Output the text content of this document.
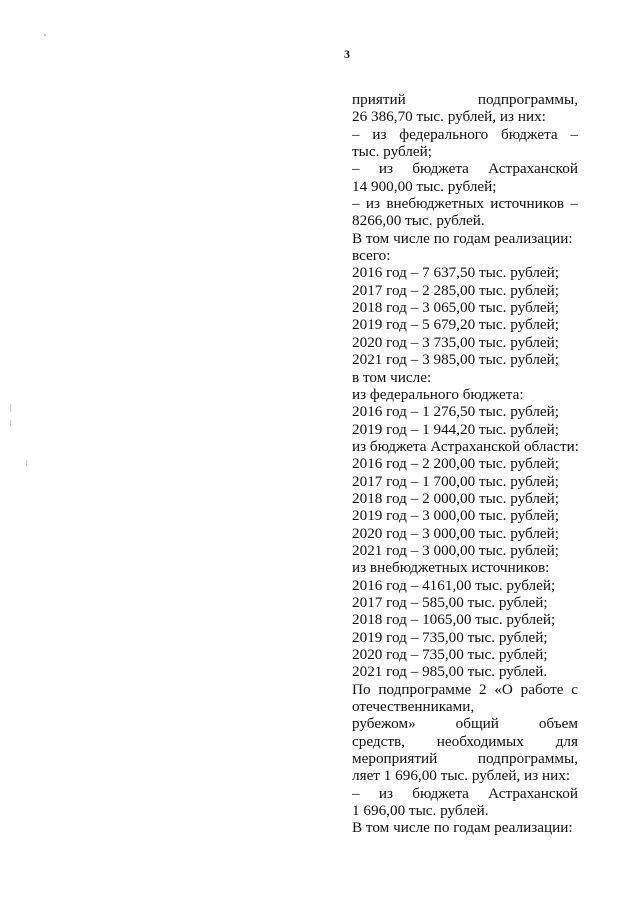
3
приятий подпрограммы,
26 386,70 тыс. рублей, из них:
– из федерального бюджета –
тыс. рублей;
– из бюджета Астраханской
14 900,00 тыс. рублей;
– из внебюджетных источников –
8266,00 тыс. рублей.
В том числе по годам реализации:
всего:
2016 год – 7 637,50 тыс. рублей;
2017 год – 2 285,00 тыс. рублей;
2018 год – 3 065,00 тыс. рублей;
2019 год – 5 679,20 тыс. рублей;
2020 год – 3 735,00 тыс. рублей;
2021 год – 3 985,00 тыс. рублей;
в том числе:
из федерального бюджета:
2016 год – 1 276,50 тыс. рублей;
2019 год – 1 944,20 тыс. рублей;
из бюджета Астраханской области:
2016 год – 2 200,00 тыс. рублей;
2017 год – 1 700,00 тыс. рублей;
2018 год – 2 000,00 тыс. рублей;
2019 год – 3 000,00 тыс. рублей;
2020 год – 3 000,00 тыс. рублей;
2021 год – 3 000,00 тыс. рублей;
из внебюджетных источников:
2016 год – 4161,00 тыс. рублей;
2017 год – 585,00 тыс. рублей;
2018 год – 1065,00 тыс. рублей;
2019 год – 735,00 тыс. рублей;
2020 год – 735,00 тыс. рублей;
2021 год – 985,00 тыс. рублей.
По подпрограмме 2 «О работе с
отечественниками,
рубежом» общий объем
средств, необходимых для
мероприятий подпрограммы,
ляет 1 696,00 тыс. рублей, из них:
– из бюджета Астраханской
1 696,00 тыс. рублей.
В том числе по годам реализации:
